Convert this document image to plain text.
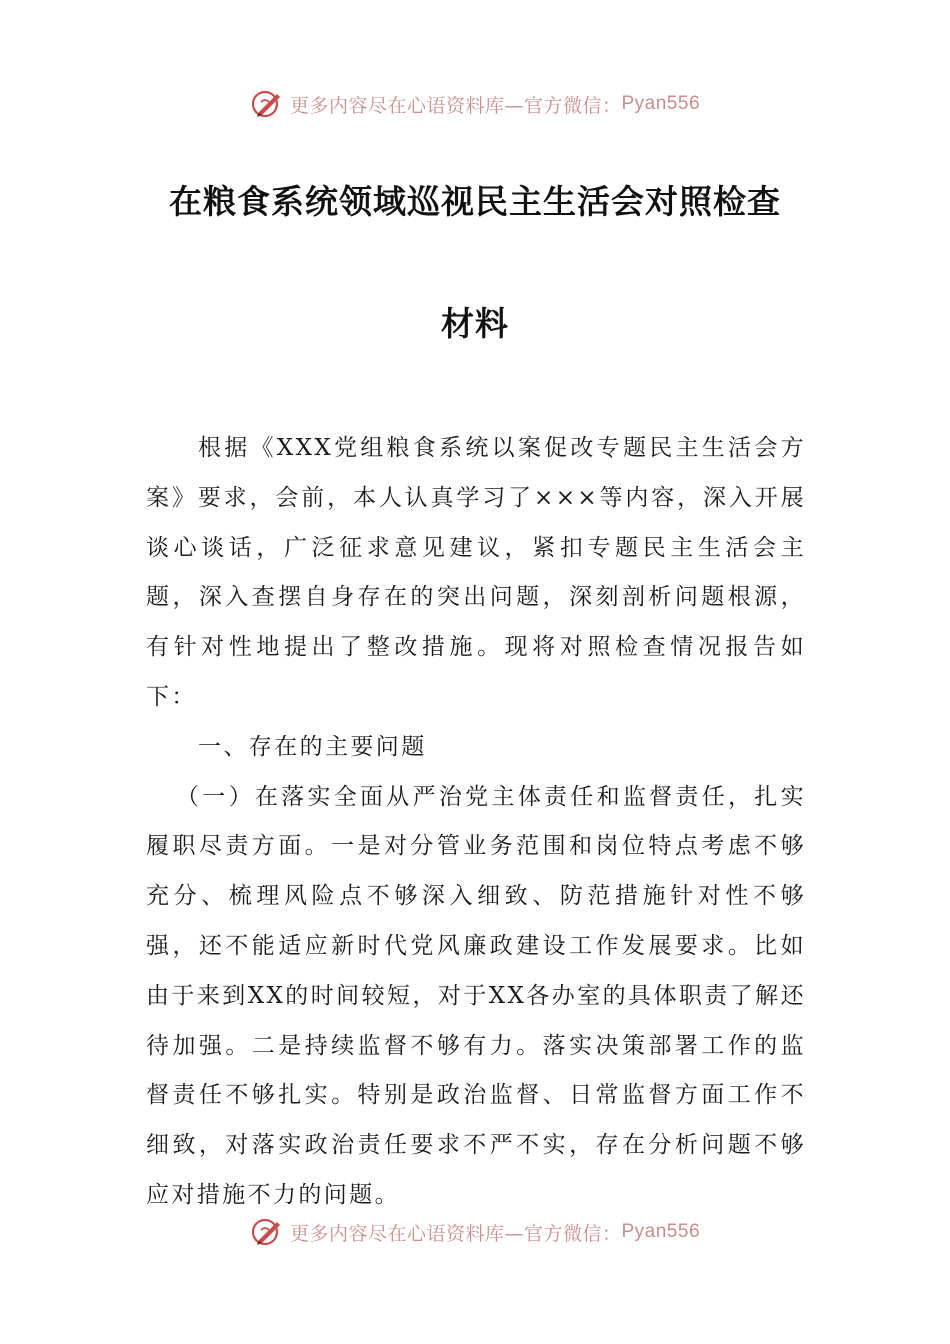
更多内容尽在心语资料库—官方微信： Pyan556
在粮食系统领域巡视民主生活会对照检查
材料

根据《XXX党组粮食系统以案促改专题民主生活会方案》要求，会前，本人认真学习了×××等内容，深入开展谈心谈话，广泛征求意见建议，紧扣专题民主生活会主题，深入查摆自身存在的突出问题，深刻剖析问题根源，有针对性地提出了整改措施。现将对照检查情况报告如下：

一、存在的主要问题

（一）在落实全面从严治党主体责任和监督责任，扎实履职尽责方面。一是对分管业务范围和岗位特点考虑不够充分、梳理风险点不够深入细致、防范措施针对性不够强，还不能适应新时代党风廉政建设工作发展要求。比如由于来到XX的时间较短，对于XX各办室的具体职责了解还待加强。二是持续监督不够有力。落实决策部署工作的监督责任不够扎实。特别是政治监督、日常监督方面工作不细致，对落实政治责任要求不严不实，存在分析问题不够应对措施不力的问题。

更多内容尽在心语资料库—官方微信： Pyan556
